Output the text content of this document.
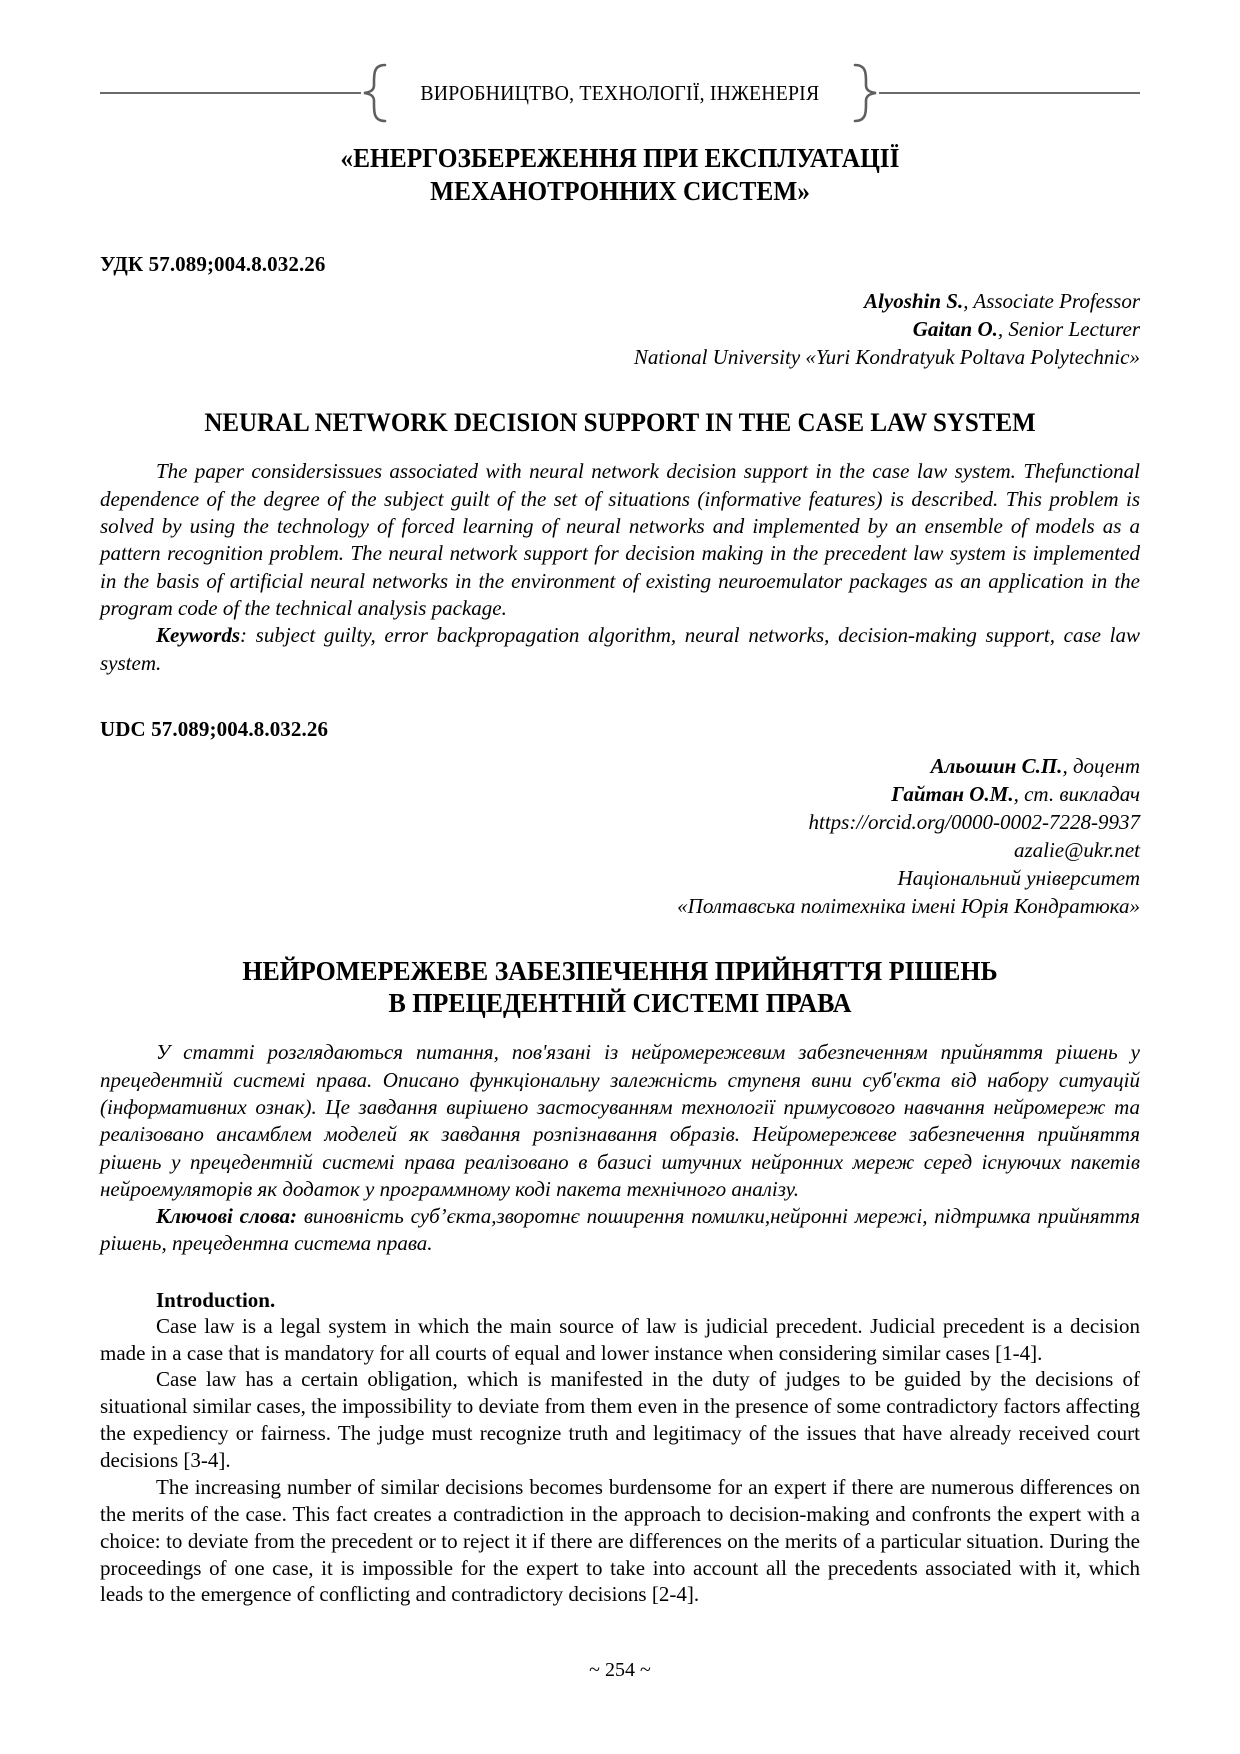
ВИРОБНИЦТВО, ТЕХНОЛОГІЇ, ІНЖЕНЕРІЯ
«ЕНЕРГОЗБЕРЕЖЕННЯ ПРИ ЕКСПЛУАТАЦІЇ
МЕХАНОТРОННИХ СИСТЕМ»
УДК 57.089;004.8.032.26
Alyoshin S., Associate Professor
Gaitan O., Senior Lecturer
National University «Yuri Kondratyuk Poltava Polytechnic»
NEURAL NETWORK DECISION SUPPORT IN THE CASE LAW SYSTEM
The paper considersissues associated with neural network decision support in the case law system. Thefunctional dependence of the degree of the subject guilt of the set of situations (informative features) is described. This problem is solved by using the technology of forced learning of neural networks and implemented by an ensemble of models as a pattern recognition problem. The neural network support for decision making in the precedent law system is implemented in the basis of artificial neural networks in the environment of existing neuroemulator packages as an application in the program code of the technical analysis package.
Keywords: subject guilty, error backpropagation algorithm, neural networks, decision-making support, case law system.
UDC 57.089;004.8.032.26
Альошин С.П., доцент
Гайтан О.М., ст. викладач
https://orcid.org/0000-0002-7228-9937
azalie@ukr.net
Національний університет
«Полтавська політехніка імені Юрія Кондратюка»
НЕЙРОМЕРЕЖЕВЕ ЗАБЕЗПЕЧЕННЯ ПРИЙНЯТТЯ РІШЕНЬ
В ПРЕЦЕДЕНТНІЙ СИСТЕМІ ПРАВА
У статті розглядаються питання, пов'язані із нейромережевим забезпеченням прийняття рішень у прецедентній системі права. Описано функціональну залежність ступеня вини суб'єкта від набору ситуацій (інформативних ознак). Це завдання вирішено застосуванням технології примусового навчання нейромереж та реалізовано ансамблем моделей як завдання розпізнавання образів. Нейромережеве забезпечення прийняття рішень у прецедентній системі права реалізовано в базисі штучних нейронних мереж серед існуючих пакетів нейроемуляторів як додаток у программному коді пакета технічного аналізу.
Ключові слова: виновність суб’єкта,зворотнє поширення помилки,нейронні мережі, підтримка прийняття рішень, прецедентна система права.
Introduction.

Case law is a legal system in which the main source of law is judicial precedent. Judicial precedent is a decision made in a case that is mandatory for all courts of equal and lower instance when considering similar cases [1-4].

Case law has a certain obligation, which is manifested in the duty of judges to be guided by the decisions of situational similar cases, the impossibility to deviate from them even in the presence of some contradictory factors affecting the expediency or fairness. The judge must recognize truth and legitimacy of the issues that have already received court decisions [3-4].

The increasing number of similar decisions becomes burdensome for an expert if there are numerous differences on the merits of the case. This fact creates a contradiction in the approach to decision-making and confronts the expert with a choice: to deviate from the precedent or to reject it if there are differences on the merits of a particular situation. During the proceedings of one case, it is impossible for the expert to take into account all the precedents associated with it, which leads to the emergence of conflicting and contradictory decisions [2-4].

~ 254 ~
